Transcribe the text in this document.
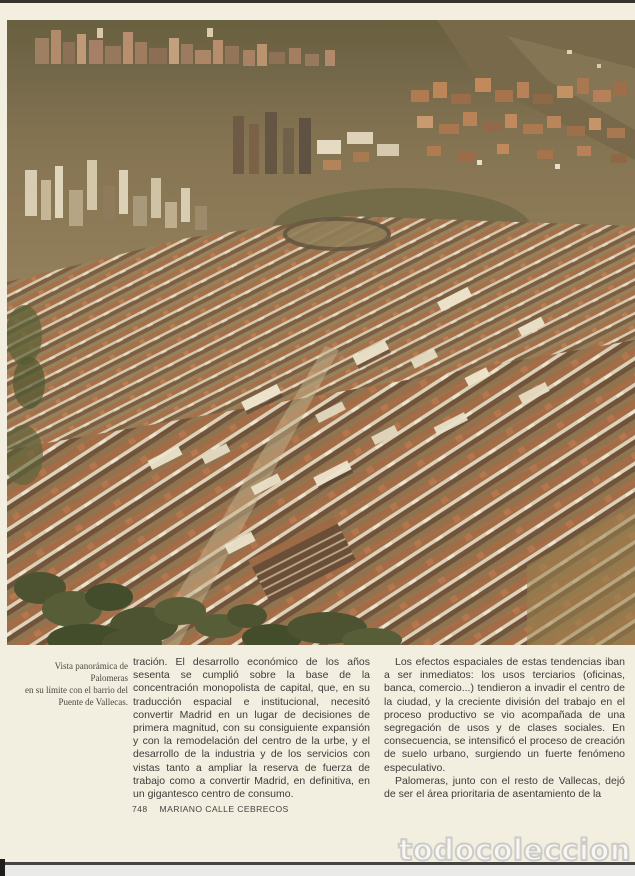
Vista panorámica de Palomeras
en su límite con el barrio del
Puente de Vallecas.

tración. El desarrollo económico de los años sesenta se cumplió sobre la base de la concentración monopolista de capital, que, en su traducción espacial e institucional, necesitó convertir Madrid en un lugar de decisiones de primera magnitud, con su consiguiente expansión y con la remodelación del centro de la urbe, y el desarrollo de la industria y de los servicios con vistas tanto a ampliar la reserva de fuerza de trabajo como a convertir Madrid, en definitiva, en un gigantesco centro de consumo.

Los efectos espaciales de estas tendencias iban a ser inmediatos: los usos terciarios (oficinas, banca, comercio...) tendieron a invadir el centro de la ciudad, y la creciente división del trabajo en el proceso productivo se vio acompañada de una segregación de usos y de clases sociales. En consecuencia, se intensificó el proceso de creación de suelo urbano, surgiendo un fuerte fenómeno especulativo.

Palomeras, junto con el resto de Vallecas, dejó de ser el área prioritaria de asentamiento de la

748 MARIANO CALLE CEBRECOS
todocoleccion
